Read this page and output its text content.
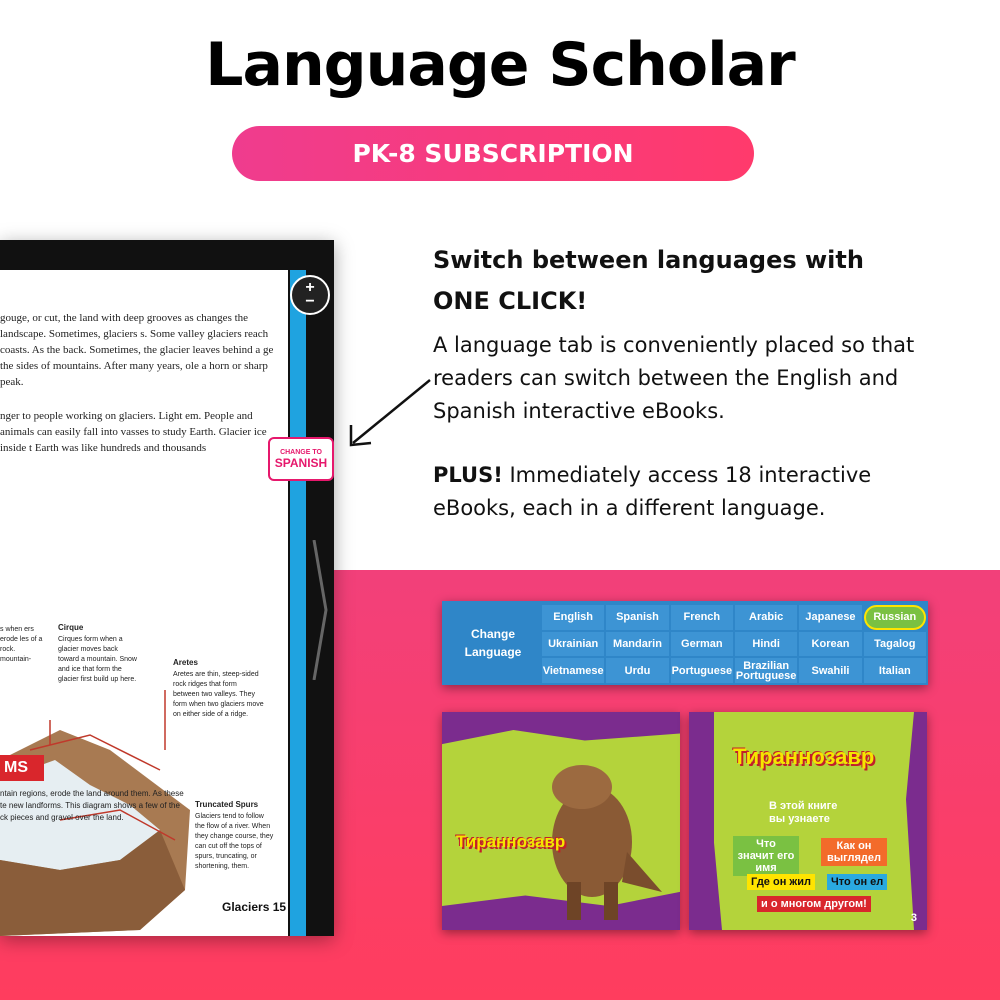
Language Scholar
PK-8 SUBSCRIPTION

gouge, or cut, the land with deep grooves as changes the landscape. Sometimes, glaciers s. Some valley glaciers reach coasts. As the back. Sometimes, the glacier leaves behind a ge the sides of mountains. After many years, ole a horn or sharp peak.

nger to people working on glaciers. Light em. People and animals can easily fall into vasses to study Earth. Glacier ice inside t Earth was like hundreds and thousands

MS

ntain regions, erode the land around them. As these te new landforms. This diagram shows a few of the ck pieces and gravel over the land.

s when ers erode les of a rock. mountain-
Cirque
Cirques form when a glacier moves back toward a mountain. Snow and ice that form the glacier first build up here.
Aretes
Aretes are thin, steep-sided rock ridges that form between two valleys. They form when two glaciers move on either side of a ridge.
Truncated Spurs
Glaciers tend to follow the flow of a river. When they change course, they can cut off the tops of spurs, truncating, or shortening, them.
Glaciers 15
+
−
CHANGE TO
SPANISH
Switch between languages with
ONE CLICK!

A language tab is conveniently placed so that readers can switch between the English and Spanish interactive eBooks.

PLUS! Immediately access 18 interactive eBooks, each in a different language.

Change
Language
English	Spanish	French	Arabic	Japanese	Russian
Ukrainian	Mandarin	German	Hindi	Korean	Tagalog
Vietnamese	Urdu	Portuguese	Brazilian Portuguese	Swahili	Italian
Тираннозавр
Тираннозавр
В этой книге
вы узнаете
Что значит его имя
Как он выглядел
Где он жил	Что он ел
и о многом другом!
3
